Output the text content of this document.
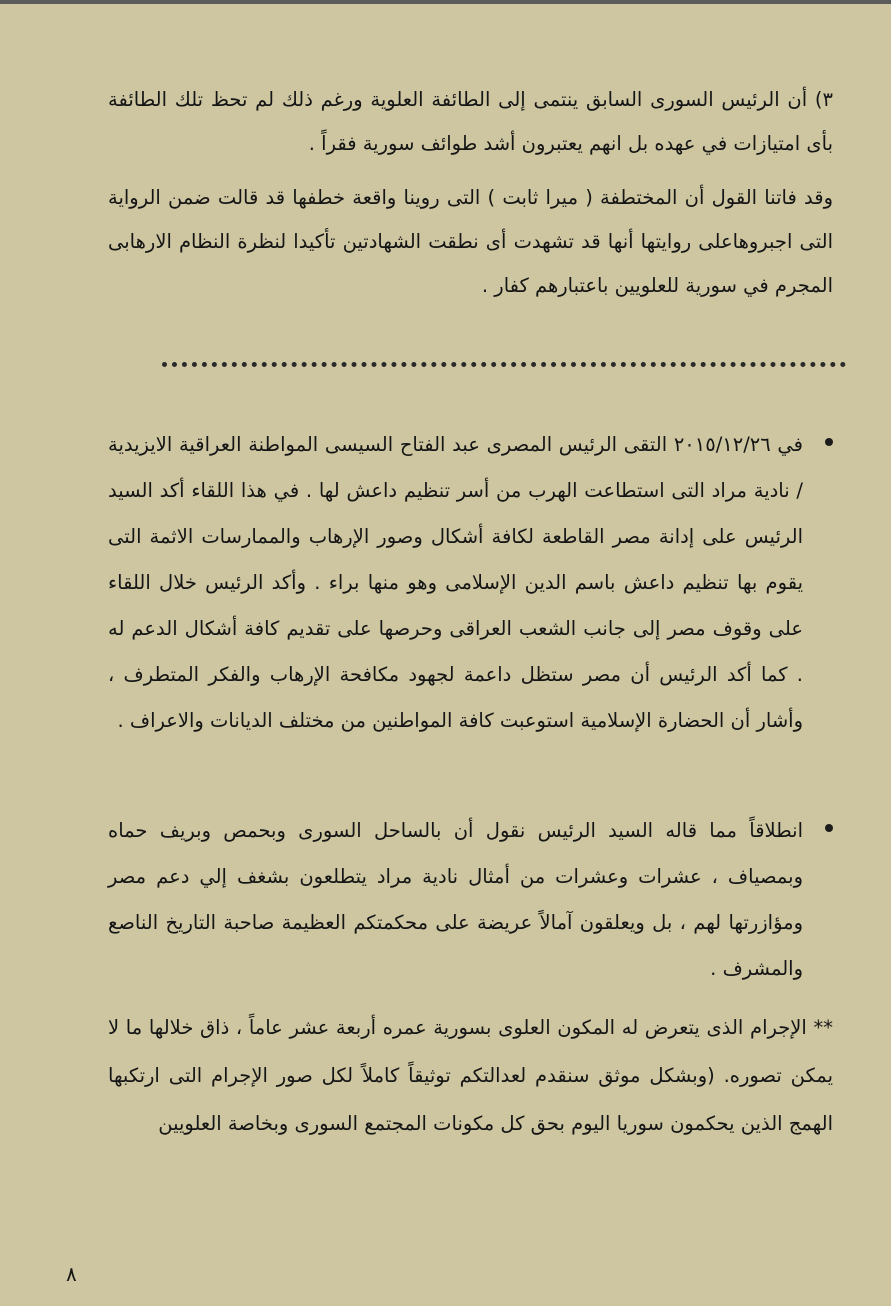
٣) أن الرئيس السورى السابق ينتمى إلى الطائفة العلوية ورغم ذلك لم تحظ تلك الطائفة بأى امتيازات في عهده بل انهم يعتبرون أشد طوائف سورية فقراً .

وقد فاتنا القول أن المختطفة ( ميرا ثابت ) التى روينا واقعة خطفها قد قالت ضمن الرواية التى اجبروهاعلى روايتها أنها قد تشهدت أى نطقت الشهادتين تأكيدا لنظرة النظام الارهابى المجرم في سورية للعلويين باعتبارهم كفار .

في ٢٠١٥/١٢/٢٦ التقى الرئيس المصرى عبد الفتاح السيسى المواطنة العراقية الايزيدية / نادية مراد التى استطاعت الهرب من أسر تنظيم داعش لها . في هذا اللقاء أكد السيد الرئيس على إدانة مصر القاطعة لكافة أشكال وصور الإرهاب والممارسات الاثمة التى يقوم بها تنظيم داعش باسم الدين الإسلامى وهو منها براء . وأكد الرئيس خلال اللقاء على وقوف مصر إلى جانب الشعب العراقى وحرصها على تقديم كافة أشكال الدعم له . كما أكد الرئيس أن مصر ستظل داعمة لجهود مكافحة الإرهاب والفكر المتطرف ، وأشار أن الحضارة الإسلامية استوعبت كافة المواطنين من مختلف الديانات والاعراف .
انطلاقاً مما قاله السيد الرئيس نقول أن بالساحل السورى وبحمص وبريف حماه وبمصياف ، عشرات وعشرات من أمثال نادية مراد يتطلعون بشغف إلي دعم مصر ومؤازرتها لهم ، بل ويعلقون آمالاً عريضة على محكمتكم العظيمة صاحبة التاريخ الناصع والمشرف .

** الإجرام الذى يتعرض له المكون العلوى بسورية عمره أربعة عشر عاماً ، ذاق خلالها ما لا يمكن تصوره. (وبشكل موثق سنقدم لعدالتكم توثيقاً كاملاً لكل صور الإجرام التى ارتكبها الهمج الذين يحكمون سوريا اليوم بحق كل مكونات المجتمع السورى وبخاصة العلويين

٨
